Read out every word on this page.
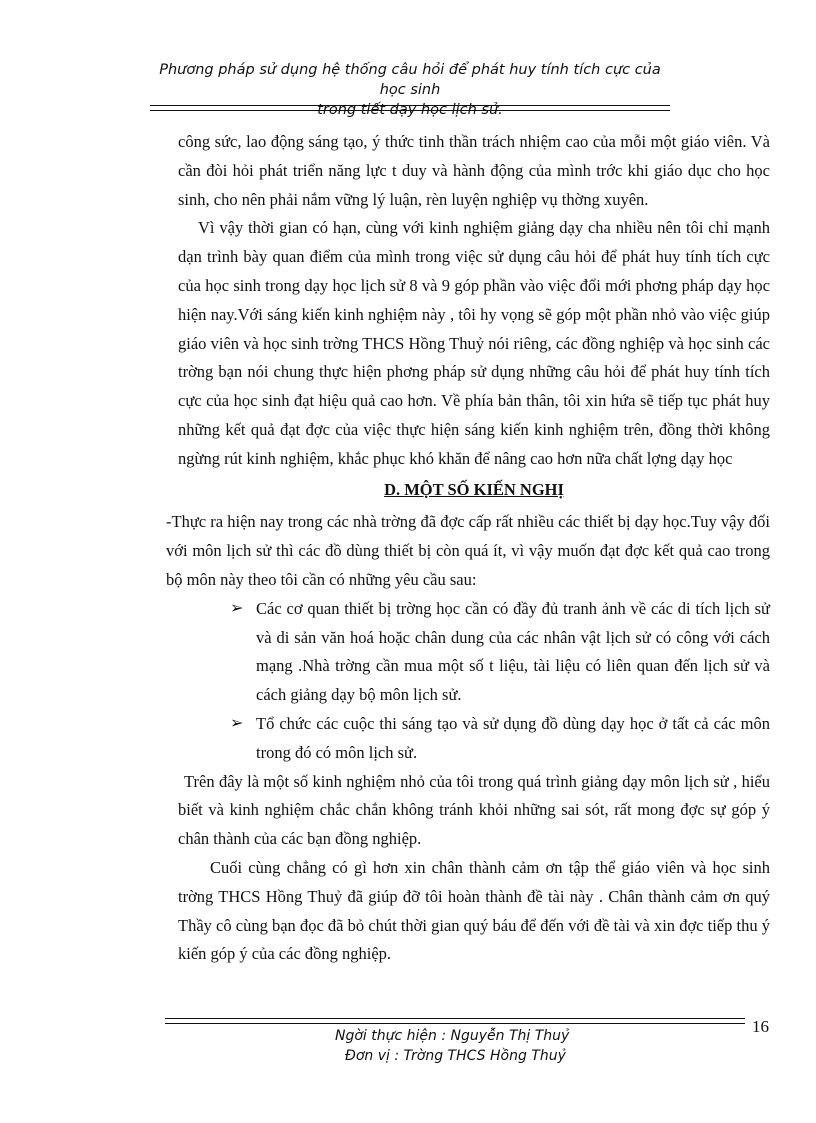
Phương pháp sử dụng hệ thống câu hỏi để phát huy tính tích cực của học sinh
trong tiết dạy học lịch sử.

công sức, lao động sáng tạo, ý thức tinh thần trách nhiệm cao của mỗi một giáo viên. Và cần đòi hỏi phát triển năng lực t duy và hành động của mình trớc khi giáo dục cho học sinh, cho nên phải nắm vững lý luận, rèn luyện nghiệp vụ thờng xuyên.

Vì vậy thời gian có hạn, cùng với kinh nghiệm giảng dạy cha nhiều nên tôi chỉ mạnh dạn trình bày quan điểm của mình trong việc sử dụng câu hỏi để phát huy tính tích cực của học sinh trong dạy học lịch sử 8 và 9 góp phần vào việc đổi mới phơng pháp dạy học hiện nay.Với sáng kiến kinh nghiệm này , tôi hy vọng sẽ góp một phần nhỏ vào việc giúp giáo viên và học sinh trờng THCS Hồng Thuỷ nói riêng, các đồng nghiệp và học sinh các trờng bạn nói chung thực hiện phơng pháp sử dụng những câu hỏi để phát huy tính tích cực của học sinh đạt hiệu quả cao hơn. Về phía bản thân, tôi xin hứa sẽ tiếp tục phát huy những kết quả đạt đợc của việc thực hiện sáng kiến kinh nghiệm trên, đồng thời không ngừng rút kinh nghiệm, khắc phục khó khăn để nâng cao hơn nữa chất lợng dạy học

D. MỘT SỐ KIẾN NGHỊ

-Thực ra hiện nay trong các nhà trờng đã đợc cấp rất nhiều các thiết bị dạy học.Tuy vậy đối với môn lịch sử thì các đồ dùng thiết bị còn quá ít, vì vậy muốn đạt đợc kết quả cao trong bộ môn này theo tôi cần có những yêu cầu sau:

➢ Các cơ quan thiết bị trờng học cần có đầy đủ tranh ảnh về các di tích lịch sử và di sản văn hoá hoặc chân dung của các nhân vật lịch sử có công với cách mạng .Nhà trờng cần mua một số t liệu, tài liệu có liên quan đến lịch sử và cách giảng dạy bộ môn lịch sử.
➢ Tổ chức các cuộc thi sáng tạo và sử dụng đồ dùng dạy học ở tất cả các môn trong đó có môn lịch sử.

Trên đây là một số kinh nghiệm nhỏ của tôi trong quá trình giảng dạy môn lịch sử , hiểu biết và kinh nghiệm chắc chắn không tránh khỏi những sai sót, rất mong đợc sự góp ý chân thành của các bạn đồng nghiệp.

Cuối cùng chẳng có gì hơn xin chân thành cảm ơn tập thể giáo viên và học sinh trờng THCS Hồng Thuỷ đã giúp đỡ tôi hoàn thành đề tài này . Chân thành cảm ơn quý Thầy cô cùng bạn đọc đã bỏ chút thời gian quý báu để đến với đề tài và xin đợc tiếp thu ý kiến góp ý của các đồng nghiệp.

16
Ngời thực hiện : Nguyễn Thị Thuỷ
Đơn vị : Trờng THCS Hồng Thuỷ
